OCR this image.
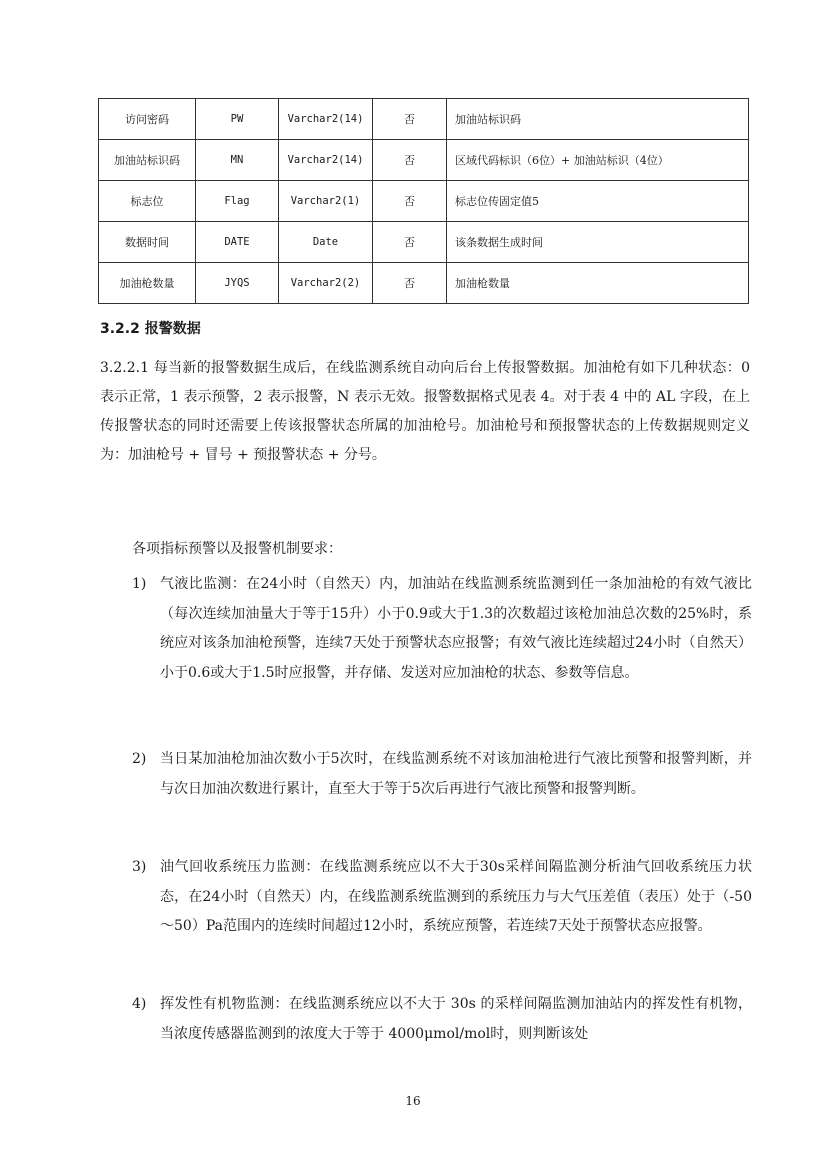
访问密码	PW	Varchar2(14)	否	加油站标识码
加油站标识码	MN	Varchar2(14)	否	区域代码标识（6位）+ 加油站标识（4位）
标志位	Flag	Varchar2(1)	否	标志位传固定值5
数据时间	DATE	Date	否	该条数据生成时间
加油枪数量	JYQS	Varchar2(2)	否	加油枪数量
3.2.2 报警数据
3.2.2.1 每当新的报警数据生成后，在线监测系统自动向后台上传报警数据。加油枪有如下几种状态：0 表示正常，1 表示预警，2 表示报警，N 表示无效。报警数据格式见表 4。对于表 4 中的 AL 字段，在上传报警状态的同时还需要上传该报警状态所属的加油枪号。加油枪号和预报警状态的上传数据规则定义为：加油枪号 + 冒号 + 预报警状态 + 分号。
各项指标预警以及报警机制要求：
1) 气液比监测：在24小时（自然天）内，加油站在线监测系统监测到任一条加油枪的有效气液比（每次连续加油量大于等于15升）小于0.9或大于1.3的次数超过该枪加油总次数的25%时，系统应对该条加油枪预警，连续7天处于预警状态应报警；有效气液比连续超过24小时（自然天）小于0.6或大于1.5时应报警，并存储、发送对应加油枪的状态、参数等信息。
2) 当日某加油枪加油次数小于5次时，在线监测系统不对该加油枪进行气液比预警和报警判断，并与次日加油次数进行累计，直至大于等于5次后再进行气液比预警和报警判断。
3) 油气回收系统压力监测：在线监测系统应以不大于30s采样间隔监测分析油气回收系统压力状态，在24小时（自然天）内，在线监测系统监测到的系统压力与大气压差值（表压）处于（-50～50）Pa范围内的连续时间超过12小时，系统应预警，若连续7天处于预警状态应报警。
4) 挥发性有机物监测：在线监测系统应以不大于 30s 的采样间隔监测加油站内的挥发性有机物，当浓度传感器监测到的浓度大于等于 4000μmol/mol时，则判断该处
16
